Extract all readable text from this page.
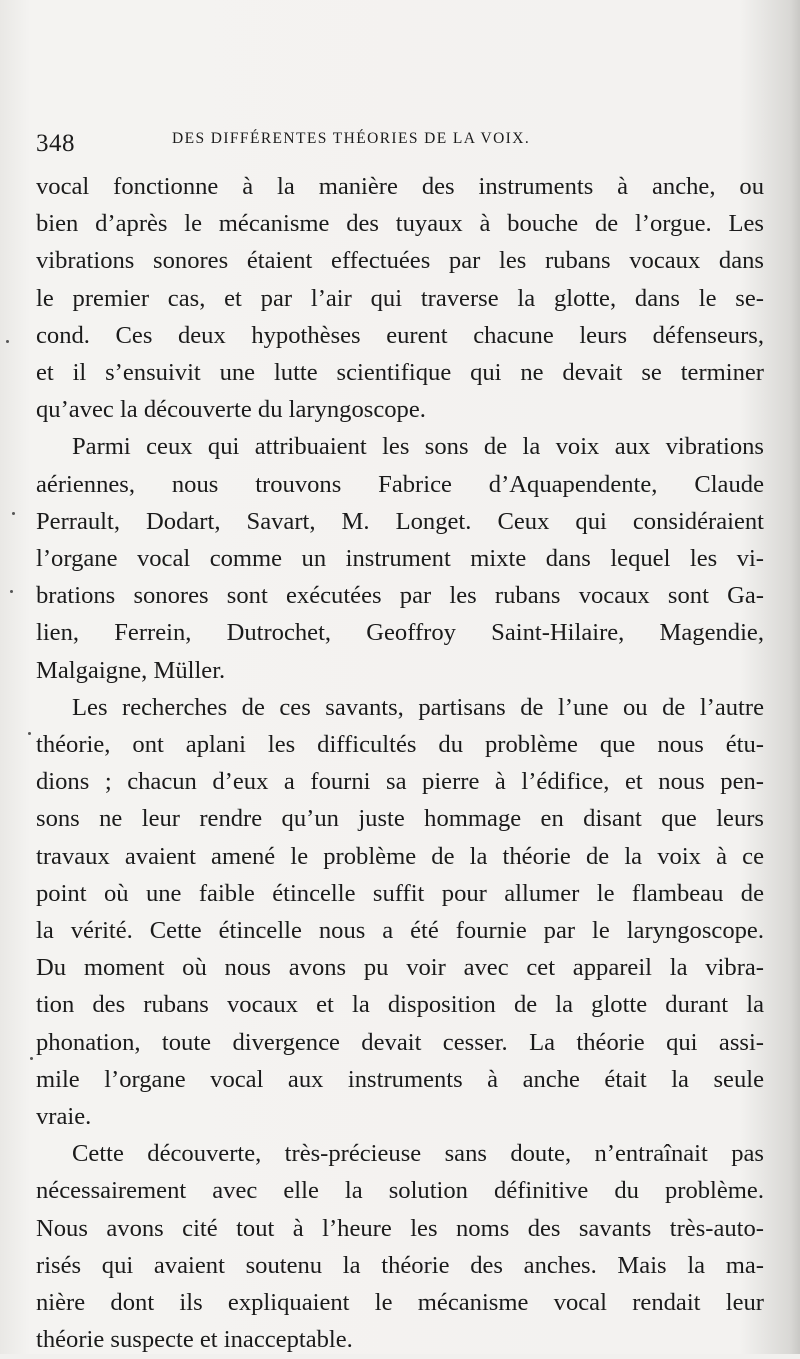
348	DES DIFFÉRENTES THÉORIES DE LA VOIX.
vocal fonctionne à la manière des instruments à anche, ou
bien d’après le mécanisme des tuyaux à bouche de l’orgue. Les
vibrations sonores étaient effectuées par les rubans vocaux dans
le premier cas, et par l’air qui traverse la glotte, dans le se-
cond. Ces deux hypothèses eurent chacune leurs défenseurs,
et il s’ensuivit une lutte scientifique qui ne devait se terminer
qu’avec la découverte du laryngoscope.
Parmi ceux qui attribuaient les sons de la voix aux vibrations
aériennes, nous trouvons Fabrice d’Aquapendente, Claude
Perrault, Dodart, Savart, M. Longet. Ceux qui considéraient
l’organe vocal comme un instrument mixte dans lequel les vi-
brations sonores sont exécutées par les rubans vocaux sont Ga-
lien, Ferrein, Dutrochet, Geoffroy Saint-Hilaire, Magendie,
Malgaigne, Müller.
Les recherches de ces savants, partisans de l’une ou de l’autre
théorie, ont aplani les difficultés du problème que nous étu-
dions ; chacun d’eux a fourni sa pierre à l’édifice, et nous pen-
sons ne leur rendre qu’un juste hommage en disant que leurs
travaux avaient amené le problème de la théorie de la voix à ce
point où une faible étincelle suffit pour allumer le flambeau de
la vérité. Cette étincelle nous a été fournie par le laryngoscope.
Du moment où nous avons pu voir avec cet appareil la vibra-
tion des rubans vocaux et la disposition de la glotte durant la
phonation, toute divergence devait cesser. La théorie qui assi-
mile l’organe vocal aux instruments à anche était la seule
vraie.
Cette découverte, très-précieuse sans doute, n’entraînait pas
nécessairement avec elle la solution définitive du problème.
Nous avons cité tout à l’heure les noms des savants très-auto-
risés qui avaient soutenu la théorie des anches. Mais la ma-
nière dont ils expliquaient le mécanisme vocal rendait leur
théorie suspecte et inacceptable.
